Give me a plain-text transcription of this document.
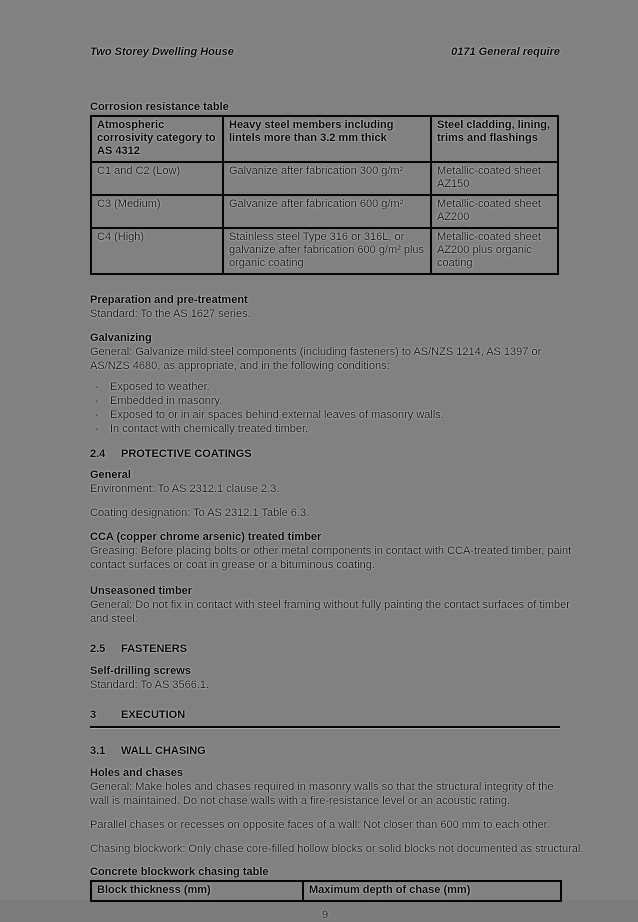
Two Storey Dwelling House	0171 General require
Corrosion resistance table
Atmospheric corrosivity category to AS 4312	Heavy steel members including lintels more than 3.2 mm thick	Steel cladding, lining, trims and flashings
C1 and C2 (Low)	Galvanize after fabrication 300 g/m²	Metallic-coated sheet AZ150
C3 (Medium)	Galvanize after fabrication 600 g/m²	Metallic-coated sheet AZ200
C4 (High)	Stainless steel Type 316 or 316L, or galvanize after fabrication 600 g/m² plus organic coating	Metallic-coated sheet AZ200 plus organic coating
Preparation and pre-treatment

Standard: To the AS 1627 series.

Galvanizing

General: Galvanize mild steel components (including fasteners) to AS/NZS 1214, AS 1397 or AS/NZS 4680, as appropriate, and in the following conditions:

-	Exposed to weather.
-	Embedded in masonry.
-	Exposed to or in air spaces behind external leaves of masonry walls.
-	In contact with chemically treated timber.
2.4 PROTECTIVE COATINGS
General

Environment: To AS 2312.1 clause 2.3.

Coating designation: To AS 2312.1 Table 6.3.

CCA (copper chrome arsenic) treated timber

Greasing: Before placing bolts or other metal components in contact with CCA-treated timber, paint contact surfaces or coat in grease or a bituminous coating.

Unseasoned timber

General: Do not fix in contact with steel framing without fully painting the contact surfaces of timber and steel.

2.5 FASTENERS
Self-drilling screws

Standard: To AS 3566.1.

3 EXECUTION
3.1 WALL CHASING
Holes and chases

General: Make holes and chases required in masonry walls so that the structural integrity of the wall is maintained. Do not chase walls with a fire-resistance level or an acoustic rating.

Parallel chases or recesses on opposite faces of a wall: Not closer than 600 mm to each other.

Chasing blockwork: Only chase core-filled hollow blocks or solid blocks not documented as structural.

Concrete blockwork chasing table
Block thickness (mm)	Maximum depth of chase (mm)
9
